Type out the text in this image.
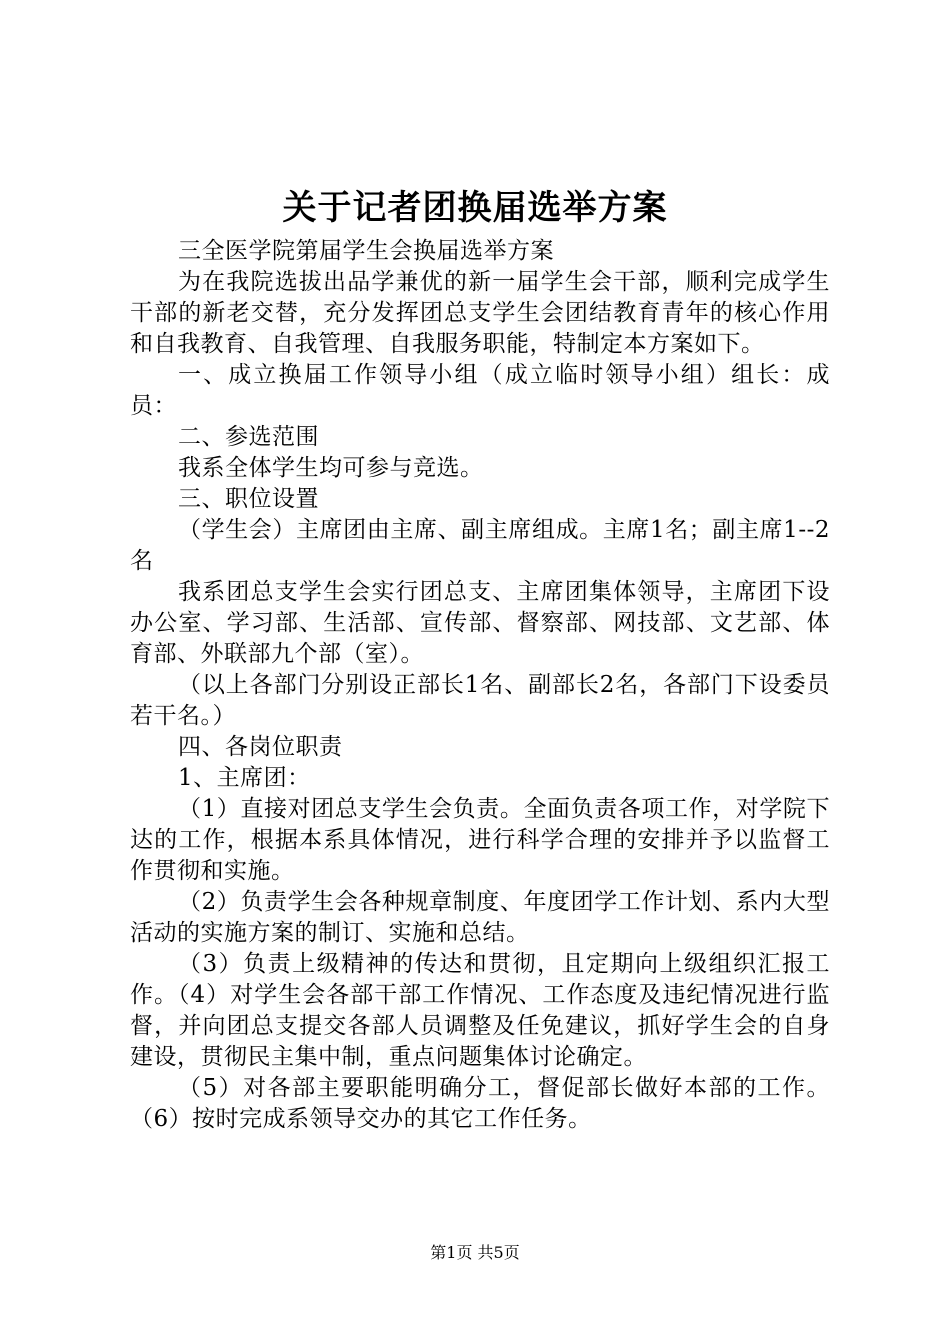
关于记者团换届选举方案

三全医学院第届学生会换届选举方案

为在我院选拔出品学兼优的新一届学生会干部，顺利完成学生干部的新老交替，充分发挥团总支学生会团结教育青年的核心作用和自我教育、自我管理、自我服务职能，特制定本方案如下。

一、成立换届工作领导小组（成立临时领导小组）组长：成员：

二、参选范围

我系全体学生均可参与竞选。

三、职位设置

（学生会）主席团由主席、副主席组成。主席1名；副主席1--2名

我系团总支学生会实行团总支、主席团集体领导，主席团下设办公室、学习部、生活部、宣传部、督察部、网技部、文艺部、体育部、外联部九个部（室）。

（以上各部门分别设正部长1名、副部长2名，各部门下设委员若干名。）

四、各岗位职责

1、主席团：

（1）直接对团总支学生会负责。全面负责各项工作，对学院下达的工作，根据本系具体情况，进行科学合理的安排并予以监督工作贯彻和实施。

（2）负责学生会各种规章制度、年度团学工作计划、系内大型活动的实施方案的制订、实施和总结。

（3）负责上级精神的传达和贯彻，且定期向上级组织汇报工作。（4）对学生会各部干部工作情况、工作态度及违纪情况进行监督，并向团总支提交各部人员调整及任免建议，抓好学生会的自身建设，贯彻民主集中制，重点问题集体讨论确定。

（5）对各部主要职能明确分工，督促部长做好本部的工作。（6）按时完成系领导交办的其它工作任务。

第1页 共5页
